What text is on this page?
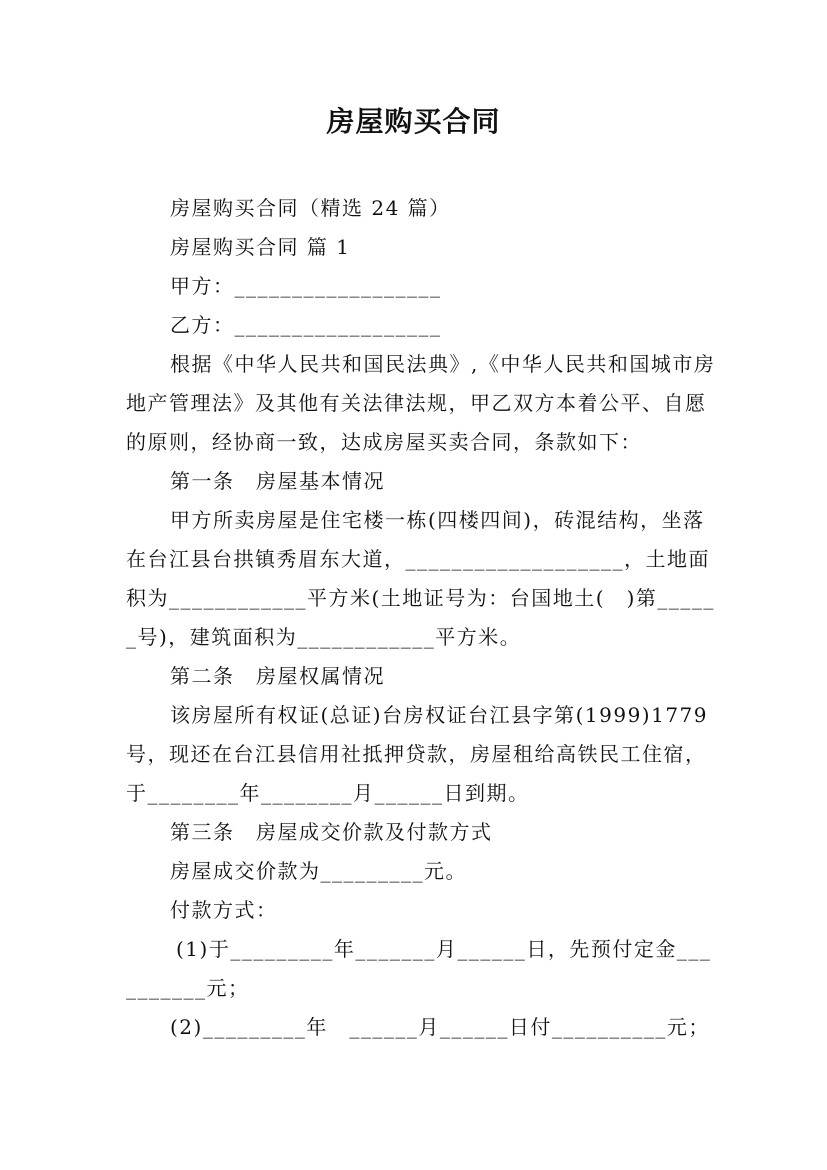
房屋购买合同

房屋购买合同（精选 24 篇）

房屋购买合同 篇 1

甲方：__________________

乙方：__________________

根据《中华人民共和国民法典》,《中华人民共和国城市房地产管理法》及其他有关法律法规，甲乙双方本着公平、自愿的原则，经协商一致，达成房屋买卖合同，条款如下：

第一条　房屋基本情况

甲方所卖房屋是住宅楼一栋(四楼四间)，砖混结构，坐落在台江县台拱镇秀眉东大道，___________________，土地面积为____________平方米(土地证号为：台国地土(　)第______号)，建筑面积为____________平方米。

第二条　房屋权属情况

该房屋所有权证(总证)台房权证台江县字第(1999)1779号，现还在台江县信用社抵押贷款，房屋租给高铁民工住宿，于________年________月______日到期。

第三条　房屋成交价款及付款方式

房屋成交价款为_________元。

付款方式：

(1)于_________年_______月______日，先预付定金__________元；

(2)_________年　______月______日付__________元；
